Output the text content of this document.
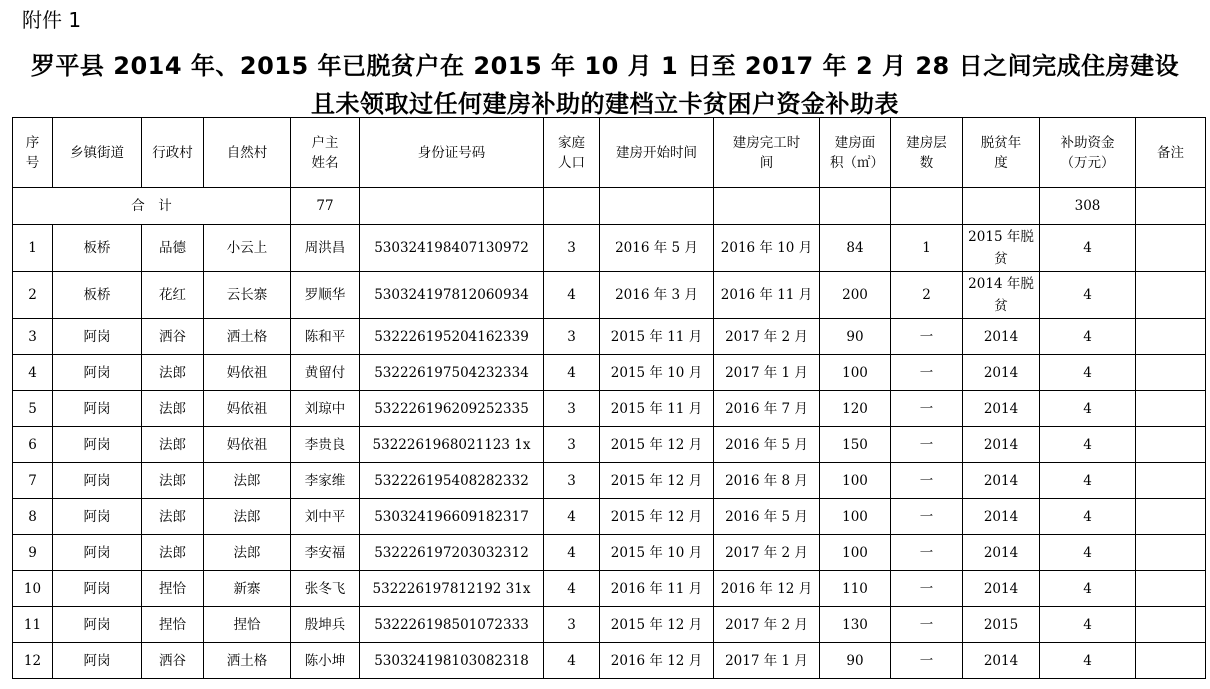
附件 1
罗平县 2014 年、2015 年已脱贫户在 2015 年 10 月 1 日至 2017 年 2 月 28 日之间完成住房建设
且未领取过任何建房补助的建档立卡贫困户资金补助表
序号	乡镇街道	行政村	自然村	户主姓名	身份证号码	家庭人口	建房开始时间	建房完工时间	建房面积（㎡）	建房层数	脱贫年度	补助资金（万元）	备注
合　计				77								308	
1	板桥	品德	小云上	周洪昌	530324198407130972	3	2016 年 5 月	2016 年 10 月	84	1	2015 年脱贫	4	
2	板桥	花红	云长寨	罗顺华	530324197812060934	4	2016 年 3 月	2016 年 11 月	200	2	2014 年脱贫	4	
3	阿岗	洒谷	洒土格	陈和平	532226195204162339	3	2015 年 11 月	2017 年 2 月	90	一	2014	4	
4	阿岗	法郎	妈依祖	黄留付	532226197504232334	4	2015 年 10 月	2017 年 1 月	100	一	2014	4	
5	阿岗	法郎	妈依祖	刘琼中	532226196209252335	3	2015 年 11 月	2016 年 7 月	120	一	2014	4	
6	阿岗	法郎	妈依祖	李贵良	5322261968021123 1x	3	2015 年 12 月	2016 年 5 月	150	一	2014	4	
7	阿岗	法郎	法郎	李家维	532226195408282332	3	2015 年 12 月	2016 年 8 月	100	一	2014	4	
8	阿岗	法郎	法郎	刘中平	530324196609182317	4	2015 年 12 月	2016 年 5 月	100	一	2014	4	
9	阿岗	法郎	法郎	李安福	532226197203032312	4	2015 年 10 月	2017 年 2 月	100	一	2014	4	
10	阿岗	捏恰	新寨	张冬飞	532226197812192 31x	4	2016 年 11 月	2016 年 12 月	110	一	2014	4	
11	阿岗	捏恰	捏恰	殷坤兵	532226198501072333	3	2015 年 12 月	2017 年 2 月	130	一	2015	4	
12	阿岗	洒谷	洒土格	陈小坤	530324198103082318	4	2016 年 12 月	2017 年 1 月	90	一	2014	4	
